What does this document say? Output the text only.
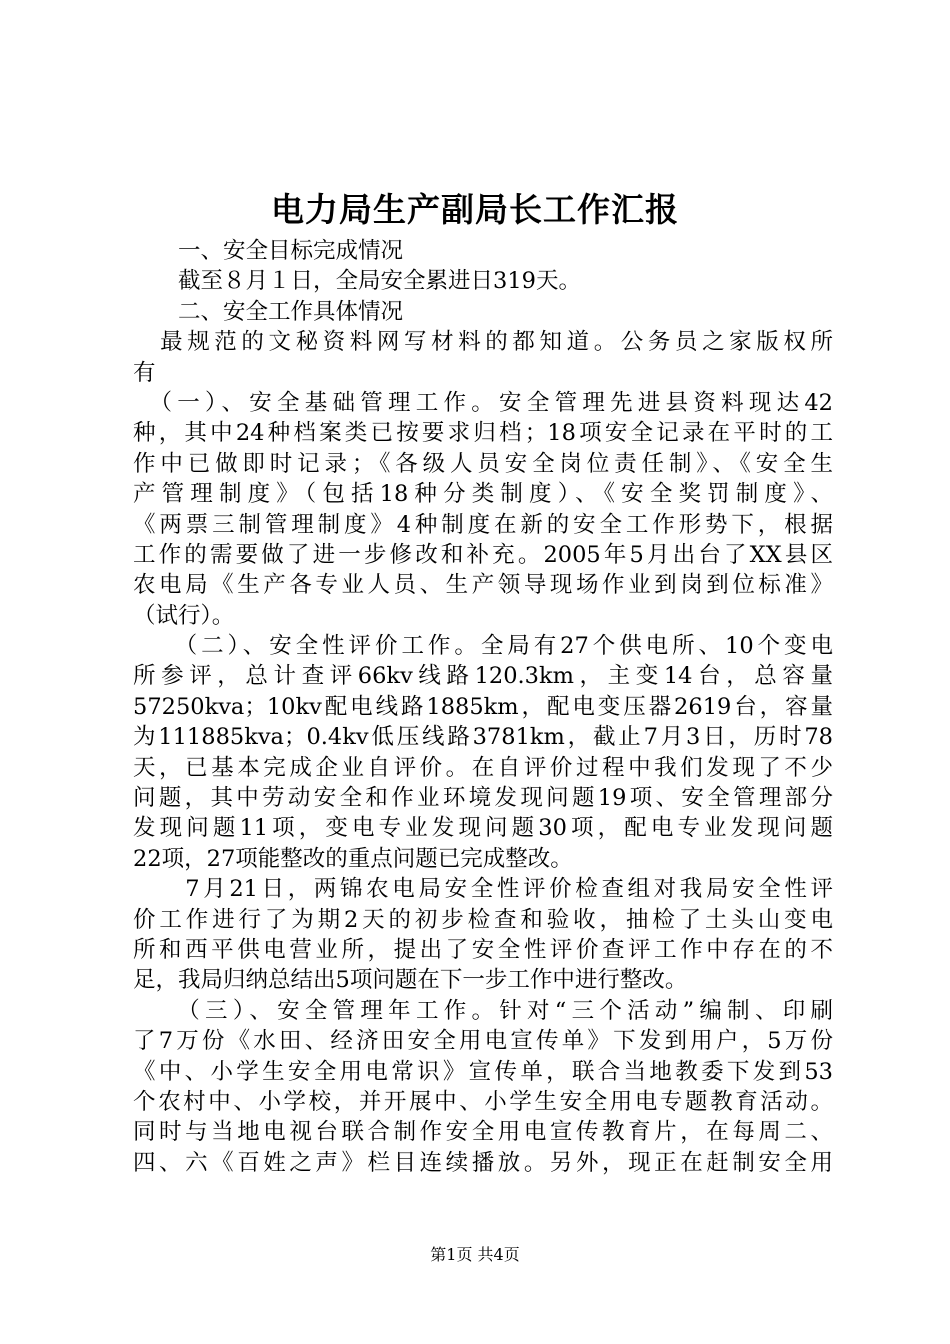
电力局生产副局长工作汇报
　　一、安全目标完成情况
　　截至８月１日，全局安全累进日319天。
　　二、安全工作具体情况
　最规范的文秘资料网写材料的都知道。公务员之家版权所
有
　（一）、安全基础管理工作。安全管理先进县资料现达42
种，其中24种档案类已按要求归档；18项安全记录在平时的工
作中已做即时记录；《各级人员安全岗位责任制》、《安全生
产管理制度》（包括18种分类制度）、《安全奖罚制度》、
《两票三制管理制度》4种制度在新的安全工作形势下，根据
工作的需要做了进一步修改和补充。2005年5月出台了XX县区
农电局《生产各专业人员、生产领导现场作业到岗到位标准》
（试行）。
　　（二）、安全性评价工作。全局有27个供电所、10个变电
所参评，总计查评66kv线路120.3km，主变14台，总容量
57250kva；10kv配电线路1885km，配电变压器2619台，容量
为111885kva；0.4kv低压线路3781km，截止7月3日，历时78
天，已基本完成企业自评价。在自评价过程中我们发现了不少
问题，其中劳动安全和作业环境发现问题19项、安全管理部分
发现问题11项，变电专业发现问题30项，配电专业发现问题
22项，27项能整改的重点问题已完成整改。
　　7月21日，两锦农电局安全性评价检查组对我局安全性评
价工作进行了为期2天的初步检查和验收，抽检了土头山变电
所和西平供电营业所，提出了安全性评价查评工作中存在的不
足，我局归纳总结出5项问题在下一步工作中进行整改。
　　（三）、安全管理年工作。针对“三个活动”编制、印刷
了7万份《水田、经济田安全用电宣传单》下发到用户，5万份
《中、小学生安全用电常识》宣传单，联合当地教委下发到53
个农村中、小学校，并开展中、小学生安全用电专题教育活动。
同时与当地电视台联合制作安全用电宣传教育片，在每周二、
四、六《百姓之声》栏目连续播放。另外，现正在赶制安全用
第1页 共4页
